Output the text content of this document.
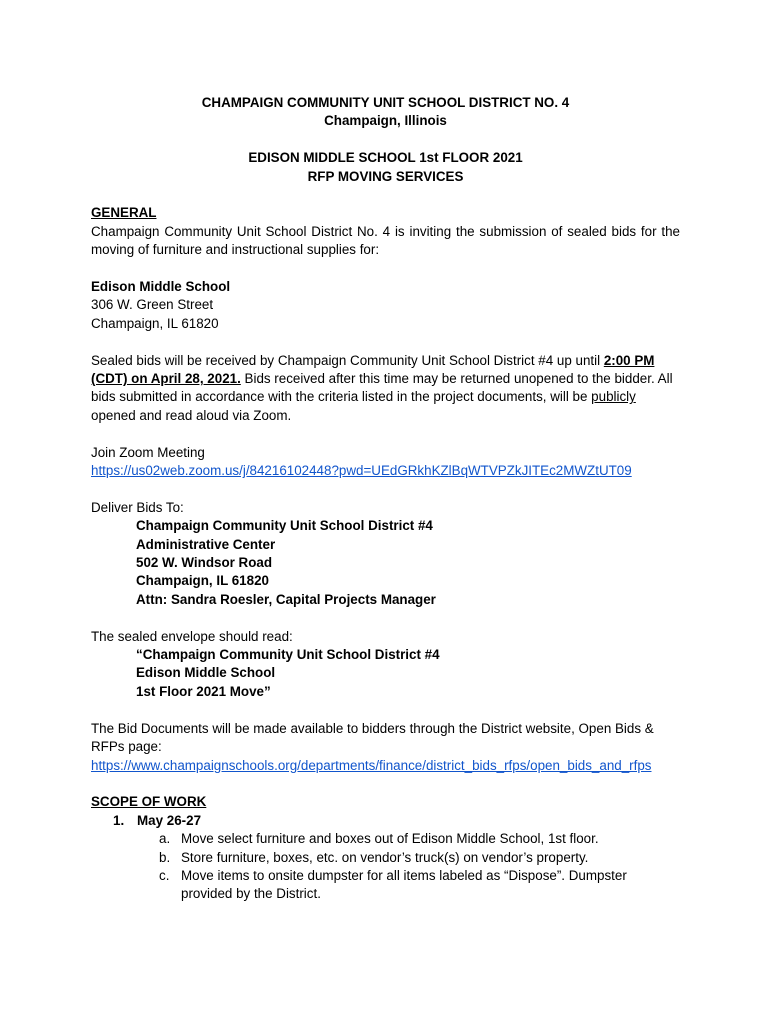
CHAMPAIGN COMMUNITY UNIT SCHOOL DISTRICT NO. 4
Champaign, Illinois
EDISON MIDDLE SCHOOL 1st FLOOR 2021
RFP MOVING SERVICES
GENERAL
Champaign Community Unit School District No. 4 is inviting the submission of sealed bids for the moving of furniture and instructional supplies for:
Edison Middle School
306 W. Green Street
Champaign, IL 61820
Sealed bids will be received by Champaign Community Unit School District #4 up until 2:00 PM (CDT) on April 28, 2021. Bids received after this time may be returned unopened to the bidder. All bids submitted in accordance with the criteria listed in the project documents, will be publicly opened and read aloud via Zoom.
Join Zoom Meeting
https://us02web.zoom.us/j/84216102448?pwd=UEdGRkhKZlBqWTVPZkJITEc2MWZtUT09
Deliver Bids To:
Champaign Community Unit School District #4
Administrative Center
502 W. Windsor Road
Champaign, IL 61820
Attn: Sandra Roesler, Capital Projects Manager
The sealed envelope should read:
“Champaign Community Unit School District #4
Edison Middle School
1st Floor 2021 Move”
The Bid Documents will be made available to bidders through the District website, Open Bids & RFPs page:
https://www.champaignschools.org/departments/finance/district_bids_rfps/open_bids_and_rfps
SCOPE OF WORK
1. May 26-27
a. Move select furniture and boxes out of Edison Middle School, 1st floor.
b. Store furniture, boxes, etc. on vendor’s truck(s) on vendor’s property.
c. Move items to onsite dumpster for all items labeled as “Dispose”. Dumpster provided by the District.
